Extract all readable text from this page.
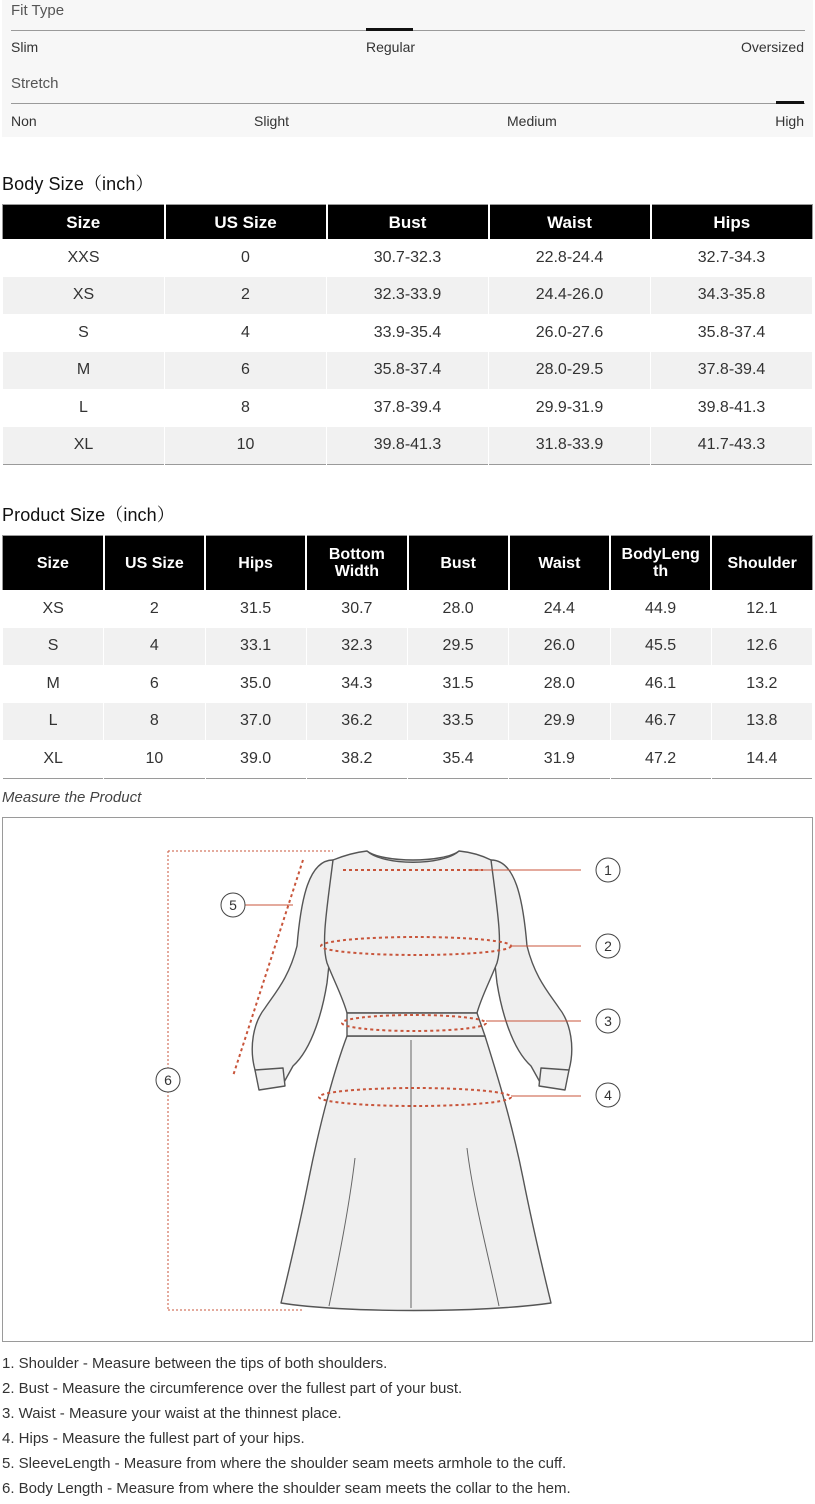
Fit Type
Slim	Regular	Oversized
Stretch
Non	Slight	Medium	High
Body Size（inch）
Size	US Size	Bust	Waist	Hips
XXS	0	30.7-32.3	22.8-24.4	32.7-34.3
XS	2	32.3-33.9	24.4-26.0	34.3-35.8
S	4	33.9-35.4	26.0-27.6	35.8-37.4
M	6	35.8-37.4	28.0-29.5	37.8-39.4
L	8	37.8-39.4	29.9-31.9	39.8-41.3
XL	10	39.8-41.3	31.8-33.9	41.7-43.3
Product Size（inch）
Size	US Size	Hips	Bottom Width	Bust	Waist	BodyLength	Shoulder
XS	2	31.5	30.7	28.0	24.4	44.9	12.1
S	4	33.1	32.3	29.5	26.0	45.5	12.6
M	6	35.0	34.3	31.5	28.0	46.1	13.2
L	8	37.0	36.2	33.5	29.9	46.7	13.8
XL	10	39.0	38.2	35.4	31.9	47.2	14.4
Measure the Product
1
2
3
4
5
6
1. Shoulder - Measure between the tips of both shoulders.
2. Bust - Measure the circumference over the fullest part of your bust.
3. Waist - Measure your waist at the thinnest place.
4. Hips - Measure the fullest part of your hips.
5. SleeveLength - Measure from where the shoulder seam meets armhole to the cuff.
6. Body Length - Measure from where the shoulder seam meets the collar to the hem.
